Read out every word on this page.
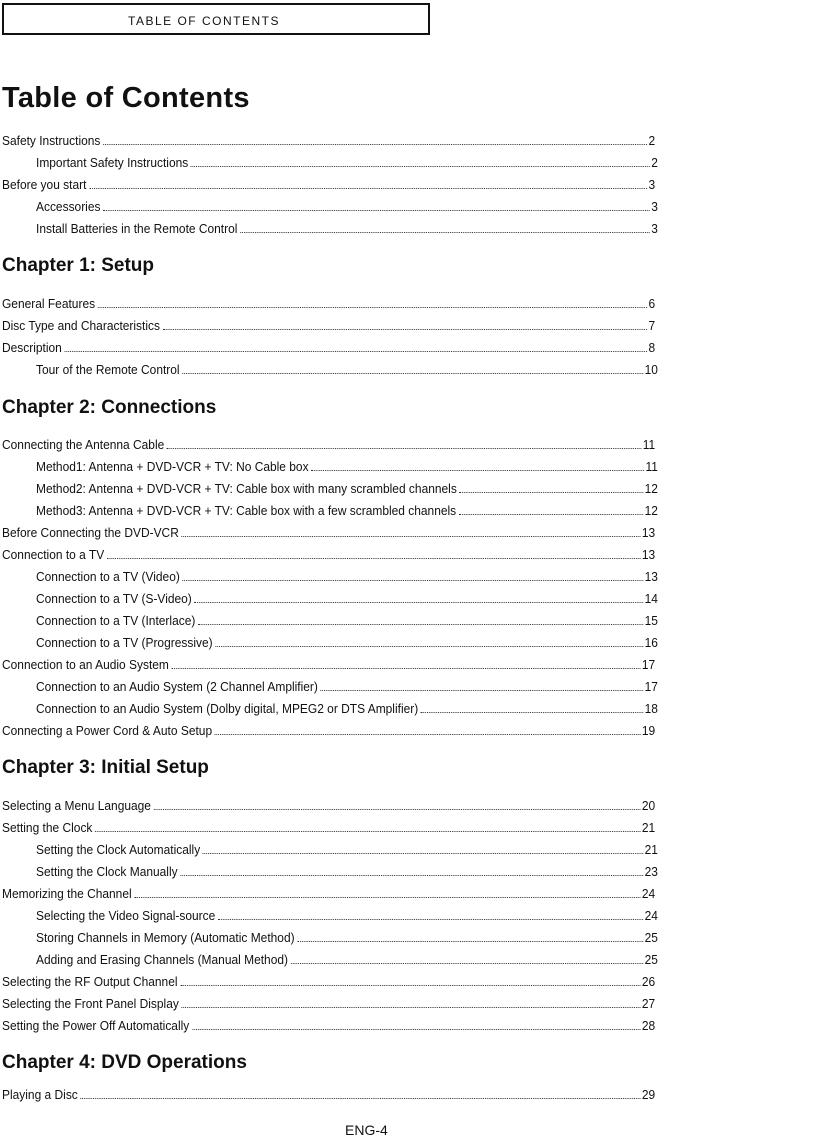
TABLE OF CONTENTS
Table of Contents
Safety Instructions	2
Important Safety Instructions	2
Before you start	3
Accessories	3
Install Batteries in the Remote Control	3
Chapter 1: Setup
General Features	6
Disc Type and Characteristics	7
Description	8
Tour of the Remote Control	10
Chapter 2: Connections
Connecting the Antenna Cable	11
Method1: Antenna + DVD-VCR + TV: No Cable box	11
Method2: Antenna + DVD-VCR + TV: Cable box with many scrambled channels	12
Method3: Antenna + DVD-VCR + TV: Cable box with a few scrambled channels	12
Before Connecting the DVD-VCR	13
Connection to a TV	13
Connection to a TV (Video)	13
Connection to a TV (S-Video)	14
Connection to a TV (Interlace)	15
Connection to a TV (Progressive)	16
Connection to an Audio System	17
Connection to an Audio System (2 Channel Amplifier)	17
Connection to an Audio System (Dolby digital, MPEG2 or DTS Amplifier)	18
Connecting a Power Cord & Auto Setup	19
Chapter 3: Initial Setup
Selecting a Menu Language	20
Setting the Clock	21
Setting the Clock Automatically	21
Setting the Clock Manually	23
Memorizing the Channel	24
Selecting the Video Signal-source	24
Storing Channels in Memory (Automatic Method)	25
Adding and Erasing Channels (Manual Method)	25
Selecting the RF Output Channel	26
Selecting the Front Panel Display	27
Setting the Power Off Automatically	28
Chapter 4: DVD Operations
Playing a Disc	29
ENG-4
